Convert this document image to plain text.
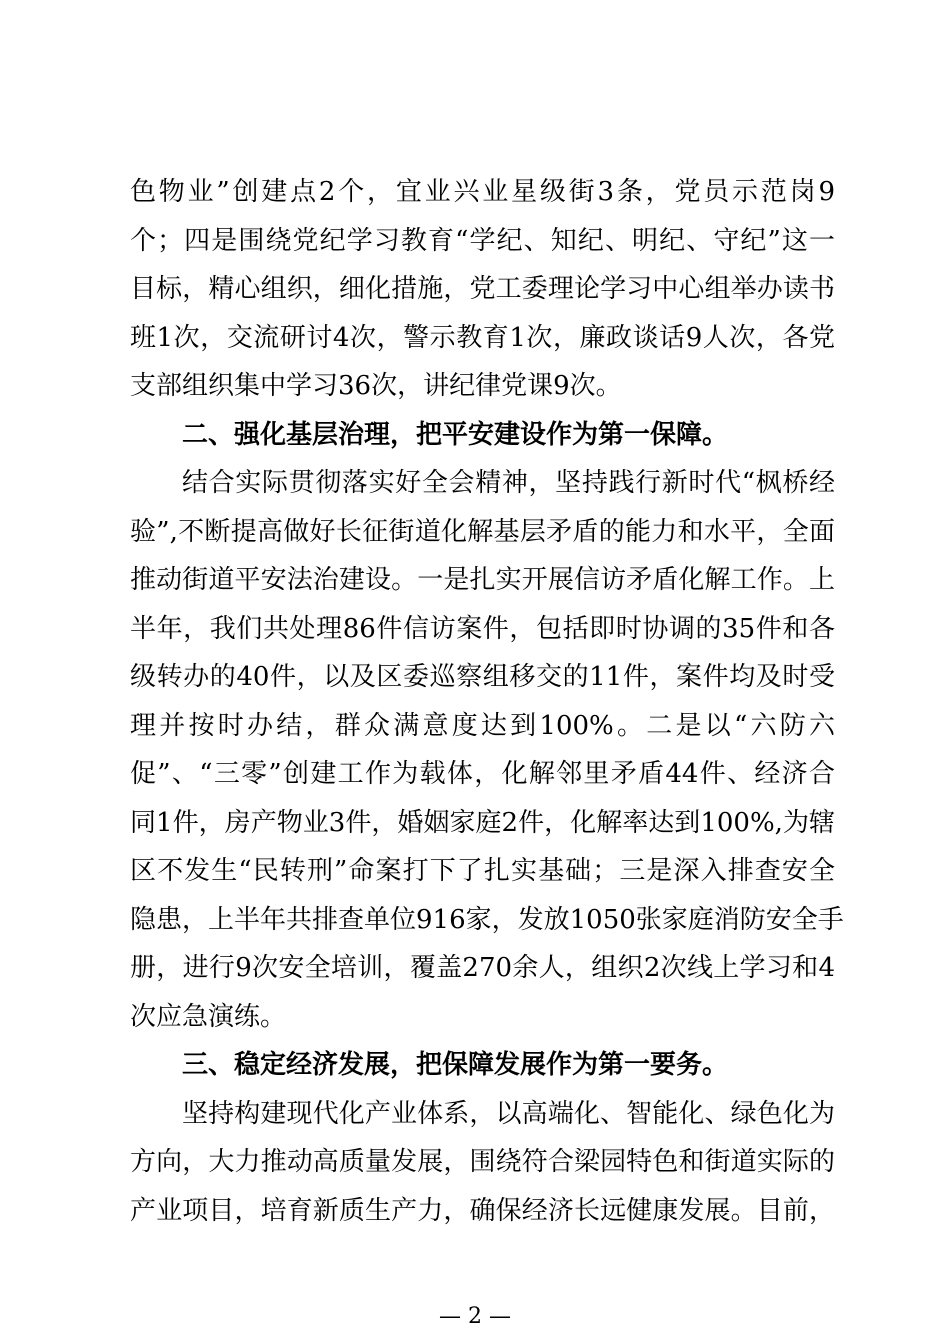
色物业”创建点2个，宜业兴业星级街3条，党员示范岗9
个；四是围绕党纪学习教育“学纪、知纪、明纪、守纪”这一
目标，精心组织，细化措施，党工委理论学习中心组举办读书
班1次，交流研讨4次，警示教育1次，廉政谈话9人次，各党
支部组织集中学习36次，讲纪律党课9次。
二、强化基层治理，把平安建设作为第一保障。
结合实际贯彻落实好全会精神，坚持践行新时代“枫桥经
验”,不断提高做好长征街道化解基层矛盾的能力和水平，全面
推动街道平安法治建设。一是扎实开展信访矛盾化解工作。上
半年，我们共处理86件信访案件，包括即时协调的35件和各
级转办的40件，以及区委巡察组移交的11件，案件均及时受
理并按时办结，群众满意度达到100%。二是以“六防六
促”、“三零”创建工作为载体，化解邻里矛盾44件、经济合
同1件，房产物业3件，婚姻家庭2件，化解率达到100%,为辖
区不发生“民转刑”命案打下了扎实基础；三是深入排查安全
隐患，上半年共排查单位916家，发放1050张家庭消防安全手
册，进行9次安全培训，覆盖270余人，组织2次线上学习和4
次应急演练。
三、稳定经济发展，把保障发展作为第一要务。
坚持构建现代化产业体系，以高端化、智能化、绿色化为
方向，大力推动高质量发展，围绕符合梁园特色和街道实际的
产业项目，培育新质生产力，确保经济长远健康发展。目前，
— 2 —
